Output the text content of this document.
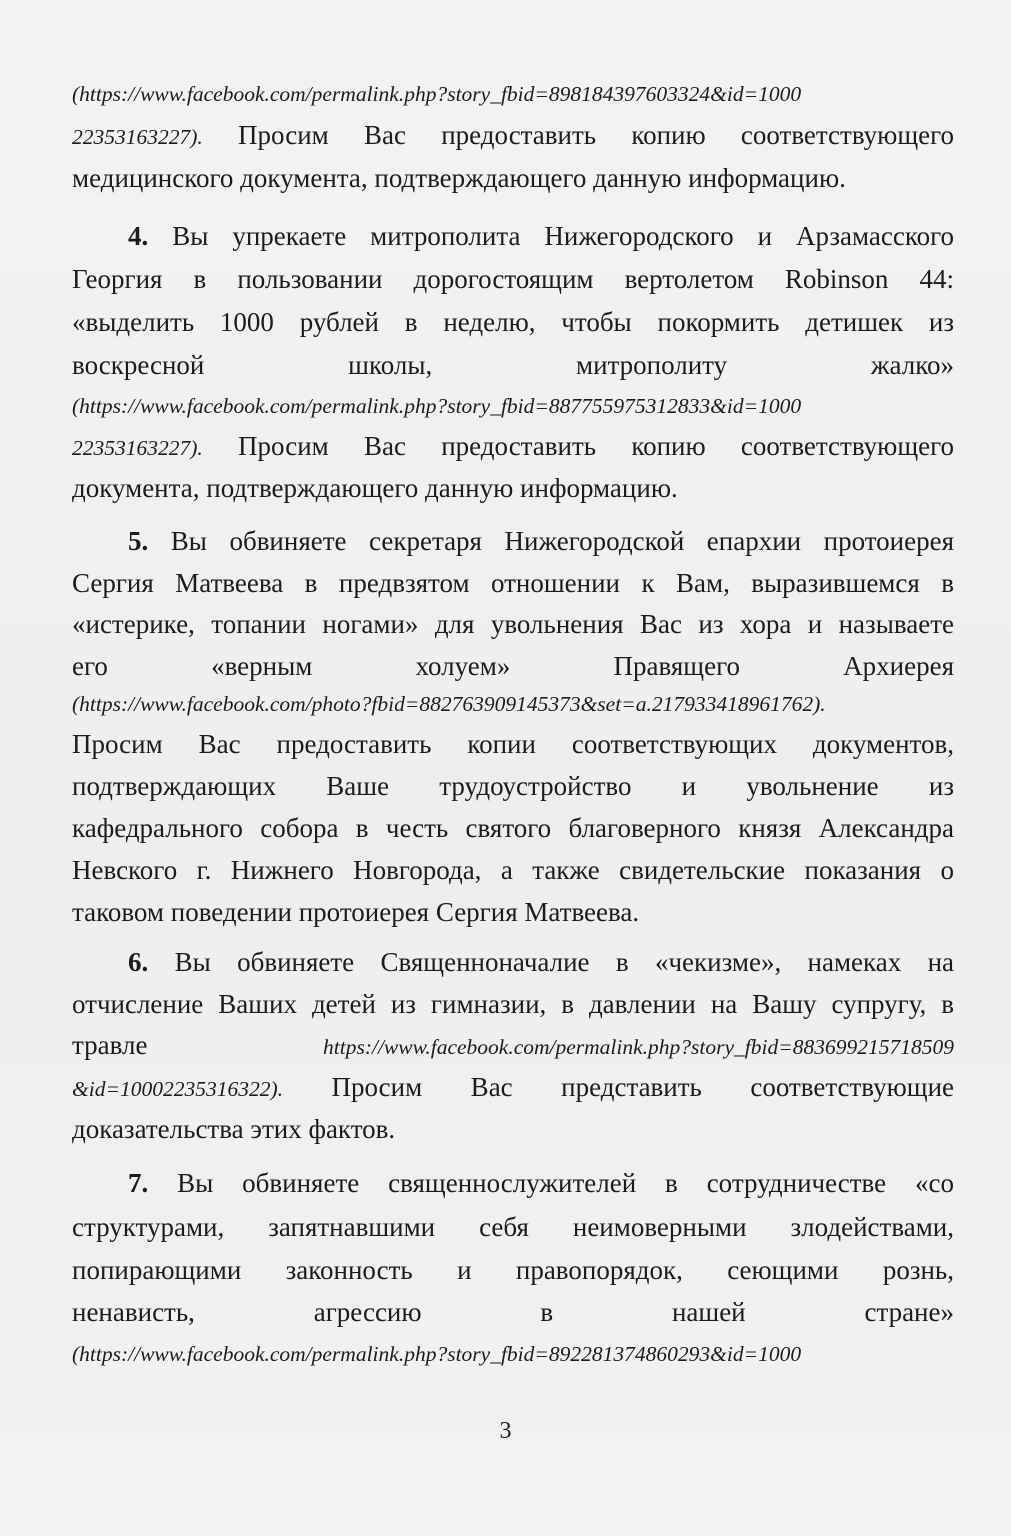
(https://www.facebook.com/permalink.php?story_fbid=898184397603324&id=1000
22353163227). Просим Вас предоставить копию соответствующего
медицинского документа, подтверждающего данную информацию.
4. Вы упрекаете митрополита Нижегородского и Арзамасского
Георгия в пользовании дорогостоящим вертолетом Robinson 44:
«выделить 1000 рублей в неделю, чтобы покормить детишек из
воскресной школы, митрополиту жалко»
(https://www.facebook.com/permalink.php?story_fbid=887755975312833&id=1000
22353163227). Просим Вас предоставить копию соответствующего
документа, подтверждающего данную информацию.
5. Вы обвиняете секретаря Нижегородской епархии протоиерея
Сергия Матвеева в предвзятом отношении к Вам, выразившемся в
«истерике, топании ногами» для увольнения Вас из хора и называете
его «верным холуем» Правящего Архиерея
(https://www.facebook.com/photo?fbid=882763909145373&set=a.217933418961762).
Просим Вас предоставить копии соответствующих документов,
подтверждающих Ваше трудоустройство и увольнение из
кафедрального собора в честь святого благоверного князя Александра
Невского г. Нижнего Новгорода, а также свидетельские показания о
таковом поведении протоиерея Сергия Матвеева.
6. Вы обвиняете Священноначалие в «чекизме», намеках на
отчисление Ваших детей из гимназии, в давлении на Вашу супругу, в
травле	https://www.facebook.com/permalink.php?story_fbid=883699215718509
&id=10002235316322). Просим Вас представить соответствующие
доказательства этих фактов.
7. Вы обвиняете священнослужителей в сотрудничестве «со
структурами, запятнавшими себя неимоверными злодействами,
попирающими законность и правопорядок, сеющими рознь,
ненависть, агрессию в нашей стране»
(https://www.facebook.com/permalink.php?story_fbid=892281374860293&id=1000
3
